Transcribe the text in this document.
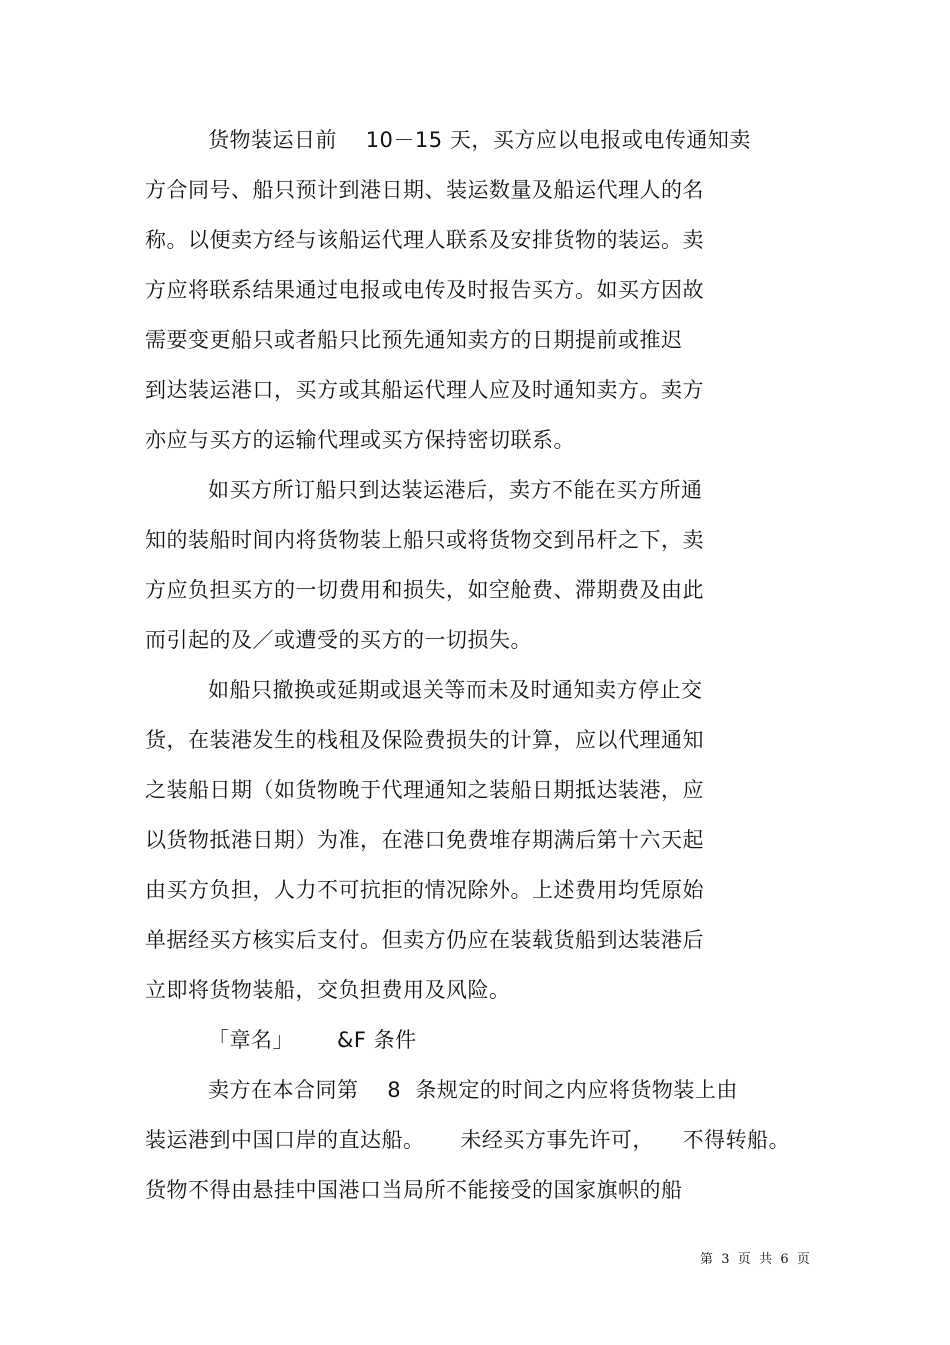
货物装运日前    10－15 天，买方应以电报或电传通知卖
方合同号、船只预计到港日期、装运数量及船运代理人的名
称。以便卖方经与该船运代理人联系及安排货物的装运。卖
方应将联系结果通过电报或电传及时报告买方。如买方因故
需要变更船只或者船只比预先通知卖方的日期提前或推迟
到达装运港口，买方或其船运代理人应及时通知卖方。卖方
亦应与买方的运输代理或买方保持密切联系。
如买方所订船只到达装运港后，卖方不能在买方所通
知的装船时间内将货物装上船只或将货物交到吊杆之下，卖
方应负担买方的一切费用和损失，如空舱费、滞期费及由此
而引起的及／或遭受的买方的一切损失。
如船只撤换或延期或退关等而未及时通知卖方停止交
货，在装港发生的栈租及保险费损失的计算，应以代理通知
之装船日期（如货物晚于代理通知之装船日期抵达装港，应
以货物抵港日期）为准，在港口免费堆存期满后第十六天起
由买方负担，人力不可抗拒的情况除外。上述费用均凭原始
单据经买方核实后支付。但卖方仍应在装载货船到达装港后
立即将货物装船，交负担费用及风险。
「章名」      &F 条件
卖方在本合同第    8  条规定的时间之内应将货物装上由
装运港到中国口岸的直达船。     未经买方事先许可，    不得转船。
货物不得由悬挂中国港口当局所不能接受的国家旗帜的船
第  3  页  共  6  页
